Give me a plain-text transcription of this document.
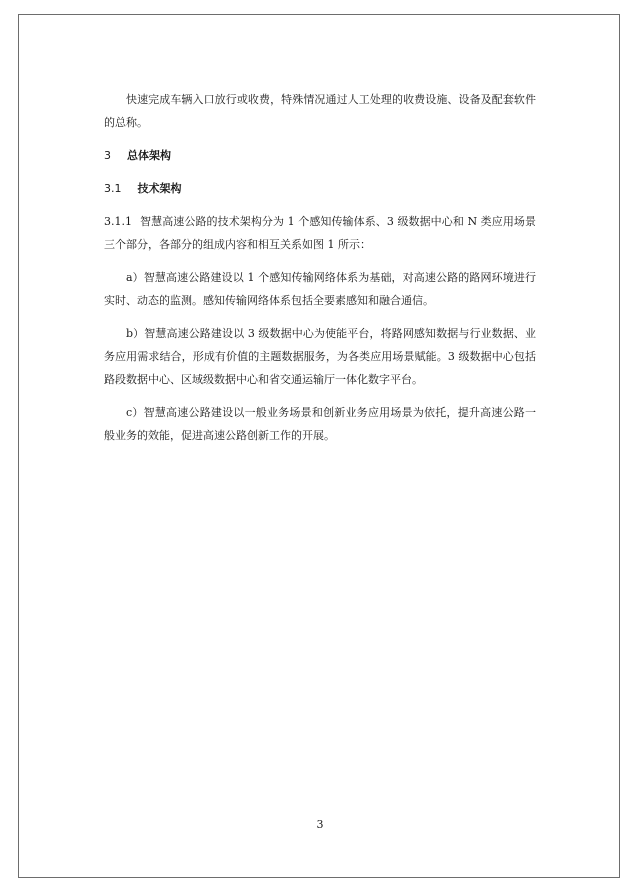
快速完成车辆入口放行或收费，特殊情况通过人工处理的收费设施、设备及配套软件的总称。

3 总体架构
3.1 技术架构

3.1.1 智慧高速公路的技术架构分为 1 个感知传输体系、3 级数据中心和 N 类应用场景三个部分，各部分的组成内容和相互关系如图 1 所示：

a）智慧高速公路建设以 1 个感知传输网络体系为基础，对高速公路的路网环境进行实时、动态的监测。感知传输网络体系包括全要素感知和融合通信。

b）智慧高速公路建设以 3 级数据中心为使能平台，将路网感知数据与行业数据、业务应用需求结合，形成有价值的主题数据服务，为各类应用场景赋能。3 级数据中心包括路段数据中心、区域级数据中心和省交通运输厅一体化数字平台。

c）智慧高速公路建设以一般业务场景和创新业务应用场景为依托，提升高速公路一般业务的效能，促进高速公路创新工作的开展。

3
